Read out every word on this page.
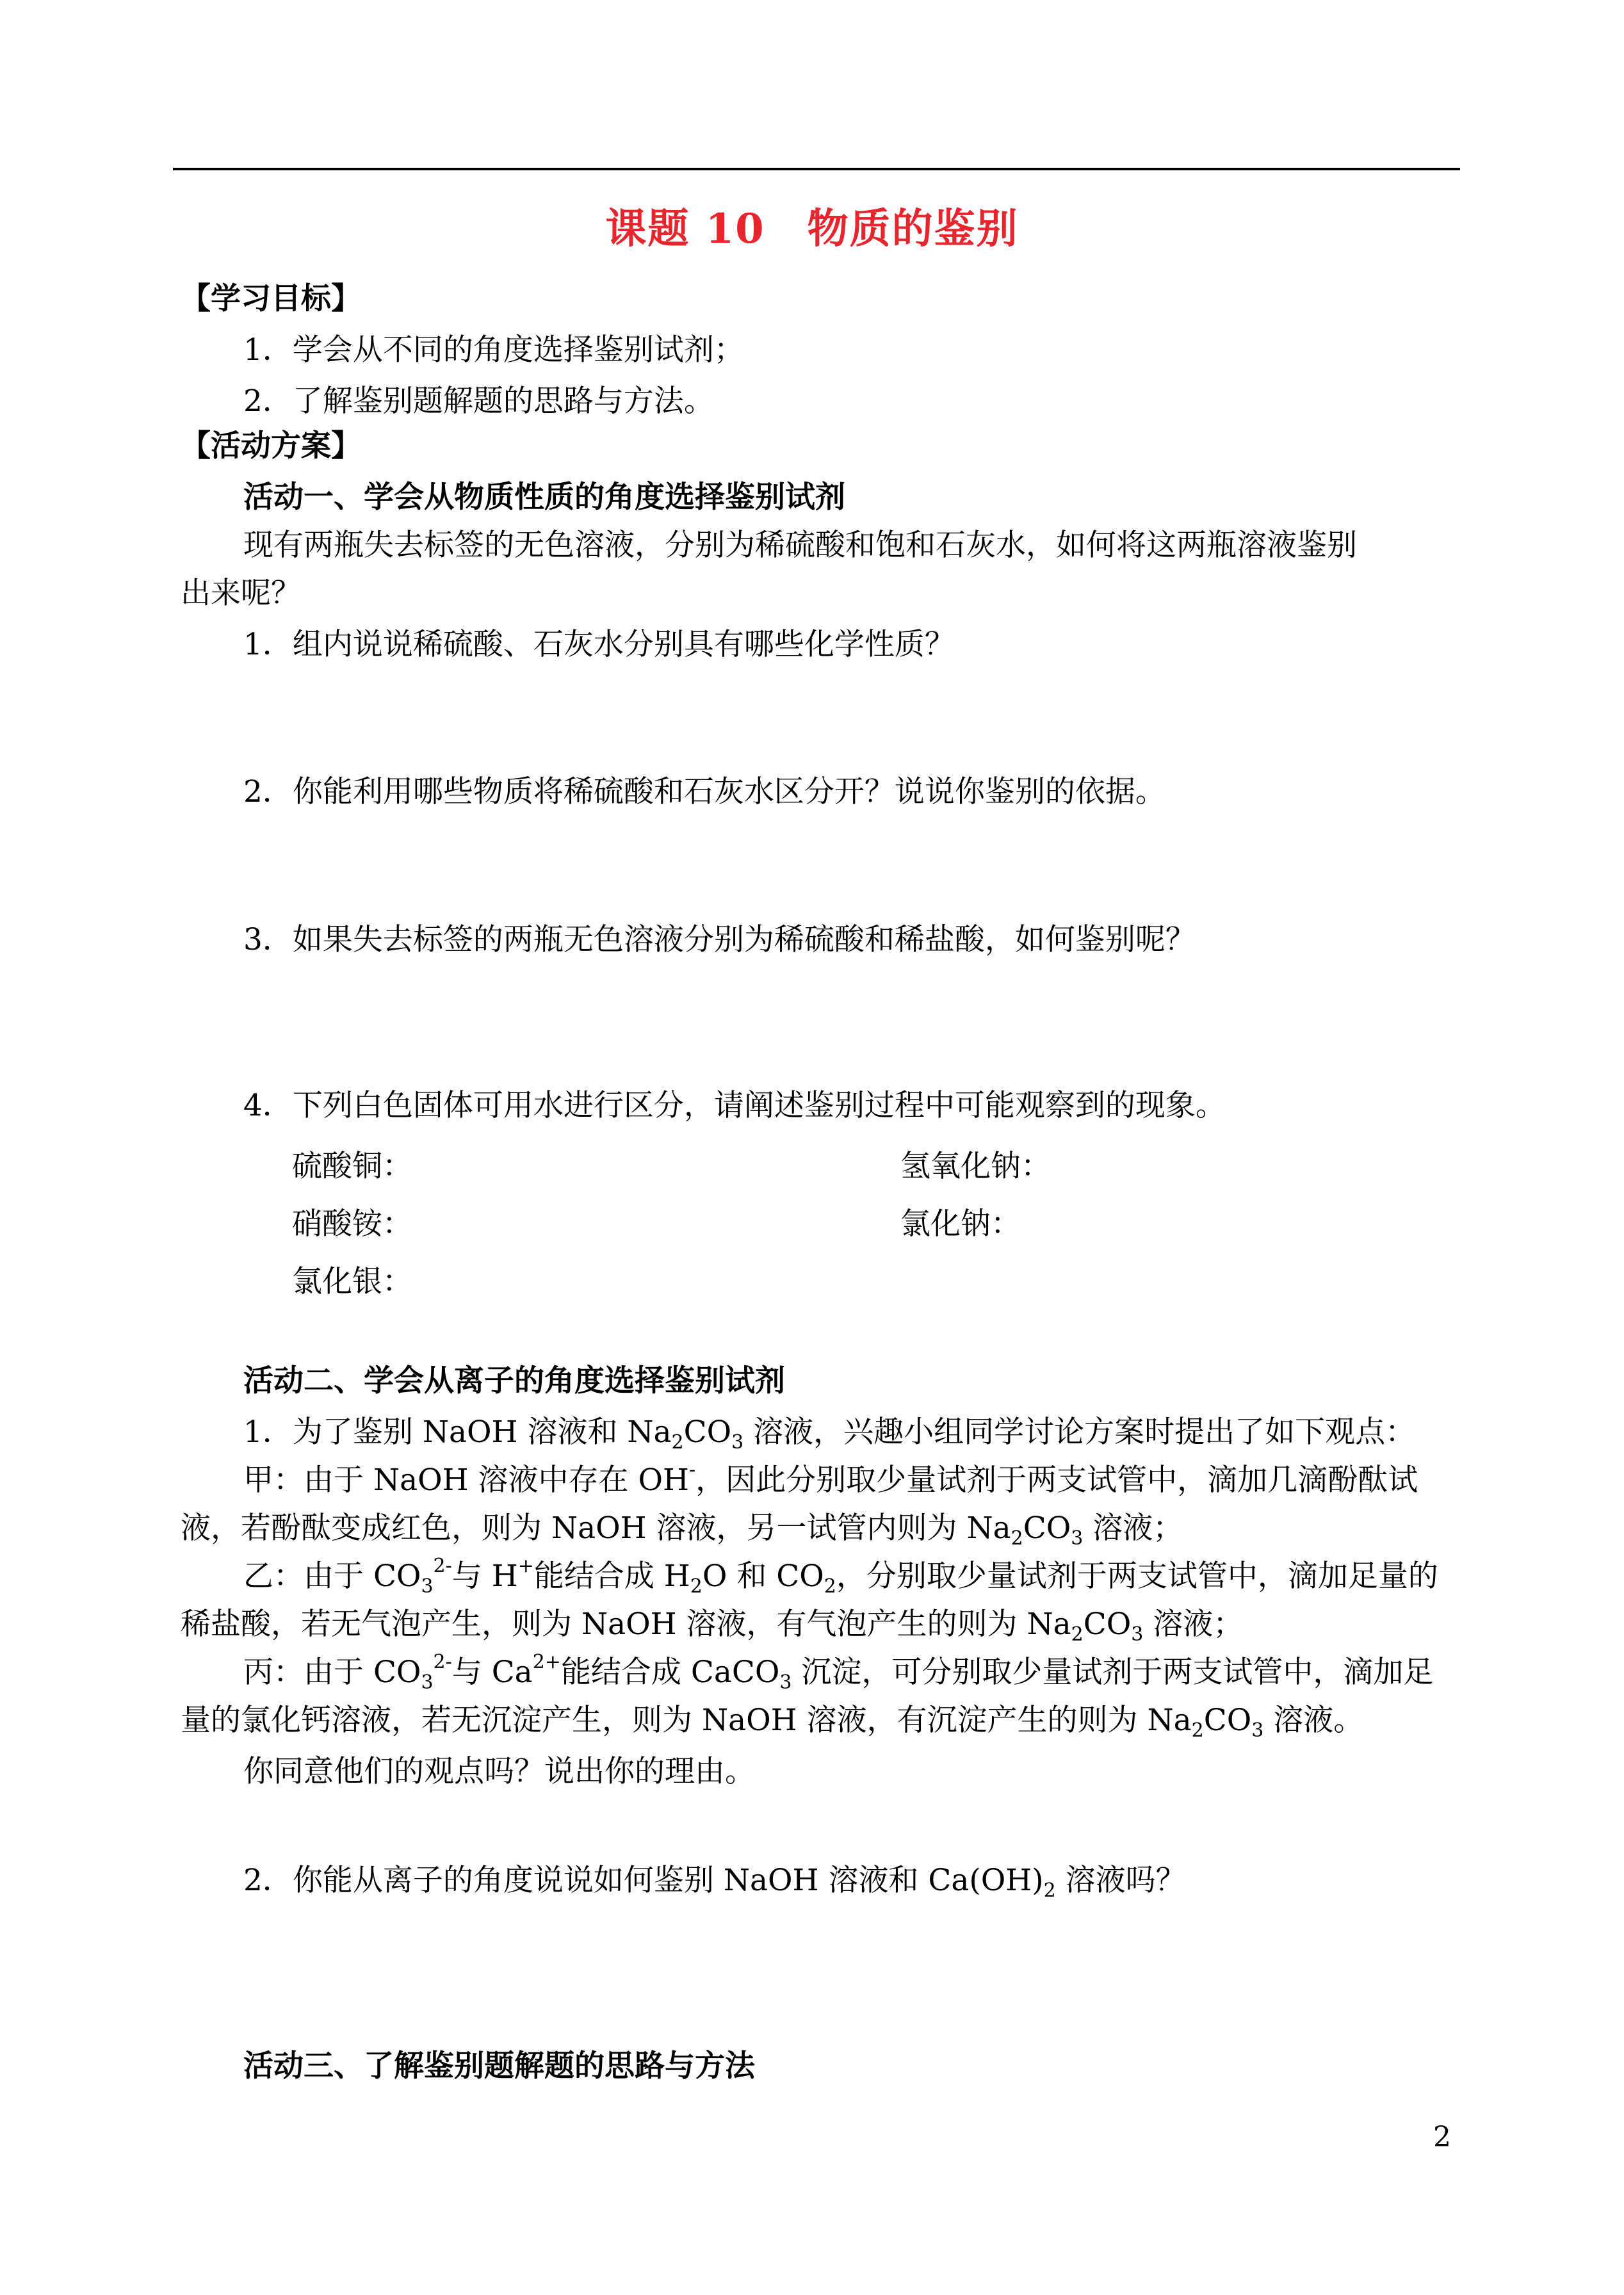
课题 10　物质的鉴别
【学习目标】
1．学会从不同的角度选择鉴别试剂；
2．了解鉴别题解题的思路与方法。
【活动方案】
活动一、学会从物质性质的角度选择鉴别试剂
现有两瓶失去标签的无色溶液，分别为稀硫酸和饱和石灰水，如何将这两瓶溶液鉴别
出来呢？
1．组内说说稀硫酸、石灰水分别具有哪些化学性质？
2．你能利用哪些物质将稀硫酸和石灰水区分开？说说你鉴别的依据。
3．如果失去标签的两瓶无色溶液分别为稀硫酸和稀盐酸，如何鉴别呢？
4．下列白色固体可用水进行区分，请阐述鉴别过程中可能观察到的现象。
硫酸铜：	氢氧化钠：
硝酸铵：	氯化钠：
氯化银：
活动二、学会从离子的角度选择鉴别试剂
1．为了鉴别 NaOH 溶液和 $Na_2CO_3$ 溶液，兴趣小组同学讨论方案时提出了如下观点：
甲：由于 NaOH 溶液中存在 OH-，因此分别取少量试剂于两支试管中，滴加几滴酚酞试
液，若酚酞变成红色，则为 NaOH 溶液，另一试管内则为 $Na_2CO_3$ 溶液；
乙：由于 $CO_3^{2-}$与 H+能结合成 $H_2O$ 和 $CO_2$，分别取少量试剂于两支试管中，滴加足量的
稀盐酸，若无气泡产生，则为 NaOH 溶液，有气泡产生的则为 $Na_2CO_3$ 溶液；
丙：由于 $CO_3^{2-}$与 $Ca^{2+}$能结合成 CaCO$_3$ 沉淀，可分别取少量试剂于两支试管中，滴加足
量的氯化钙溶液，若无沉淀产生，则为 NaOH 溶液，有沉淀产生的则为 $Na_2CO_3$ 溶液。
你同意他们的观点吗？说出你的理由。
2．你能从离子的角度说说如何鉴别 NaOH 溶液和 $Ca(OH)_2$ 溶液吗？
活动三、了解鉴别题解题的思路与方法
2
